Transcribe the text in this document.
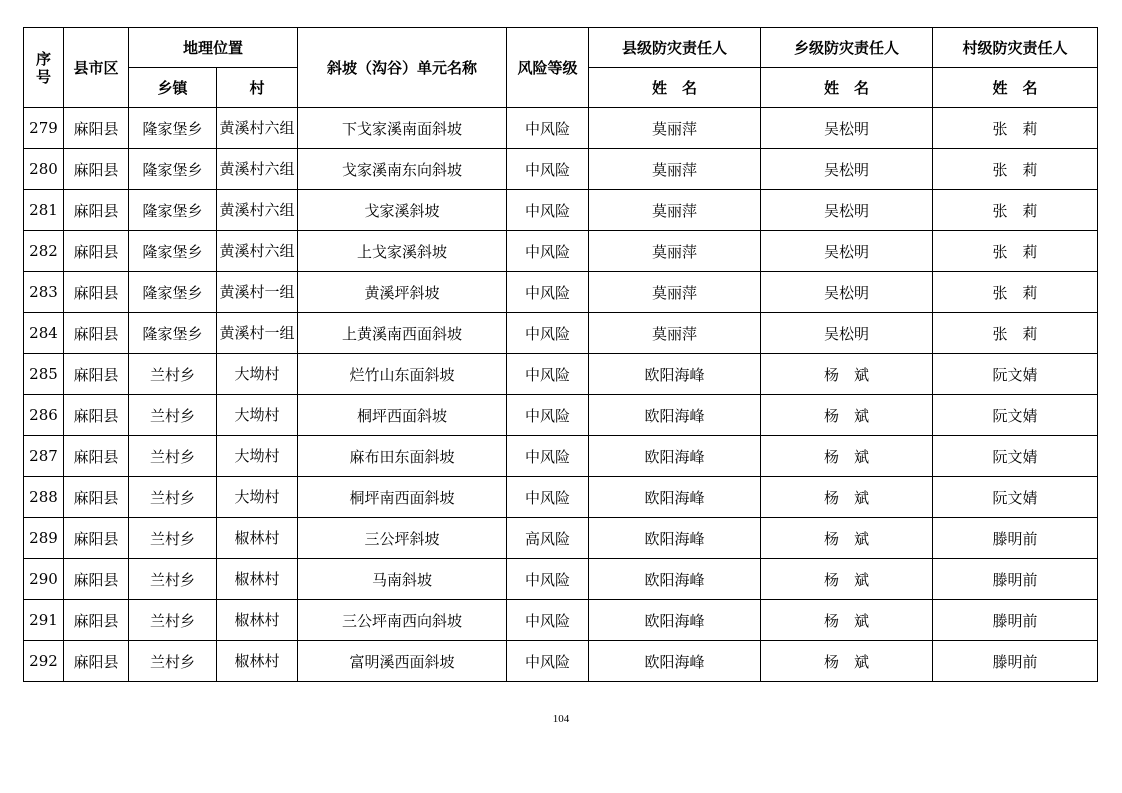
序号	县市区	地理位置		斜坡（沟谷）单元名称	风险等级	县级防灾责任人	乡级防灾责任人	村级防灾责任人
		乡镇	村			姓　名	姓　名	姓　名
279	麻阳县	隆家堡乡	黄溪村六组	下戈家溪南面斜坡	中风险	莫丽萍	吴松明	张　莉
280	麻阳县	隆家堡乡	黄溪村六组	戈家溪南东向斜坡	中风险	莫丽萍	吴松明	张　莉
281	麻阳县	隆家堡乡	黄溪村六组	戈家溪斜坡	中风险	莫丽萍	吴松明	张　莉
282	麻阳县	隆家堡乡	黄溪村六组	上戈家溪斜坡	中风险	莫丽萍	吴松明	张　莉
283	麻阳县	隆家堡乡	黄溪村一组	黄溪坪斜坡	中风险	莫丽萍	吴松明	张　莉
284	麻阳县	隆家堡乡	黄溪村一组	上黄溪南西面斜坡	中风险	莫丽萍	吴松明	张　莉
285	麻阳县	兰村乡	大坳村	烂竹山东面斜坡	中风险	欧阳海峰	杨　斌	阮文婧
286	麻阳县	兰村乡	大坳村	桐坪西面斜坡	中风险	欧阳海峰	杨　斌	阮文婧
287	麻阳县	兰村乡	大坳村	麻布田东面斜坡	中风险	欧阳海峰	杨　斌	阮文婧
288	麻阳县	兰村乡	大坳村	桐坪南西面斜坡	中风险	欧阳海峰	杨　斌	阮文婧
289	麻阳县	兰村乡	椒林村	三公坪斜坡	高风险	欧阳海峰	杨　斌	滕明前
290	麻阳县	兰村乡	椒林村	马南斜坡	中风险	欧阳海峰	杨　斌	滕明前
291	麻阳县	兰村乡	椒林村	三公坪南西向斜坡	中风险	欧阳海峰	杨　斌	滕明前
292	麻阳县	兰村乡	椒林村	富明溪西面斜坡	中风险	欧阳海峰	杨　斌	滕明前
104
